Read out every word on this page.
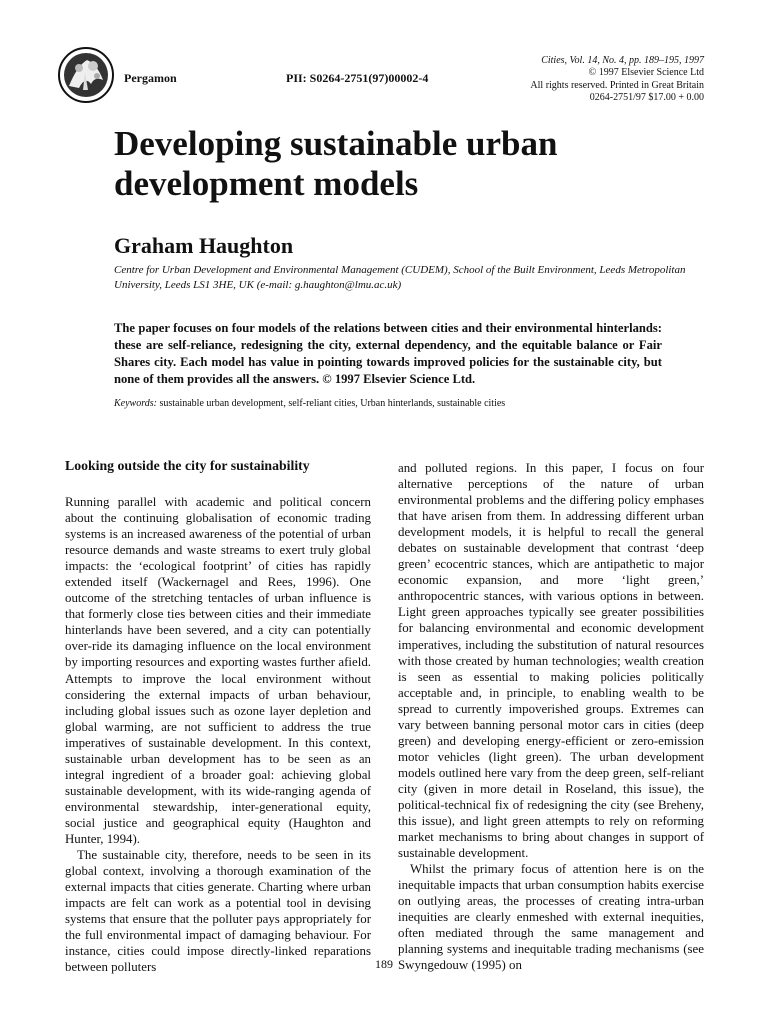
Pergamon	PII: S0264-2751(97)00002-4
Cities, Vol. 14, No. 4, pp. 189–195, 1997
© 1997 Elsevier Science Ltd
All rights reserved. Printed in Great Britain
0264-2751/97 $17.00 + 0.00
Developing sustainable urban development models
Graham Haughton
Centre for Urban Development and Environmental Management (CUDEM), School of the Built Environment, Leeds Metropolitan University, Leeds LS1 3HE, UK (e-mail: g.haughton@lmu.ac.uk)

The paper focuses on four models of the relations between cities and their environmental hinterlands: these are self-reliance, redesigning the city, external dependency, and the equitable balance or Fair Shares city. Each model has value in pointing towards improved policies for the sustainable city, but none of them provides all the answers. © 1997 Elsevier Science Ltd.

Keywords: sustainable urban development, self-reliant cities, Urban hinterlands, sustainable cities
Looking outside the city for sustainability

Running parallel with academic and political concern about the continuing globalisation of economic trading systems is an increased awareness of the potential of urban resource demands and waste streams to exert truly global impacts: the ‘ecological footprint’ of cities has rapidly extended itself (Wackernagel and Rees, 1996). One outcome of the stretching tentacles of urban influence is that formerly close ties between cities and their immediate hinterlands have been severed, and a city can potentially over-ride its damaging influence on the local environment by importing resources and exporting wastes further afield. Attempts to improve the local environment without considering the external impacts of urban behaviour, including global issues such as ozone layer depletion and global warming, are not sufficient to address the true imperatives of sustainable development. In this context, sustainable urban development has to be seen as an integral ingredient of a broader goal: achieving global sustainable development, with its wide-ranging agenda of environmental stewardship, inter-generational equity, social justice and geographical equity (Haughton and Hunter, 1994).

The sustainable city, therefore, needs to be seen in its global context, involving a thorough examination of the external impacts that cities generate. Charting where urban impacts are felt can work as a potential tool in devising systems that ensure that the polluter pays appropriately for the full environmental impact of damaging behaviour. For instance, cities could impose directly-linked reparations between polluters

and polluted regions. In this paper, I focus on four alternative perceptions of the nature of urban environmental problems and the differing policy emphases that have arisen from them. In addressing different urban development models, it is helpful to recall the general debates on sustainable development that contrast ‘deep green’ ecocentric stances, which are antipathetic to major economic expansion, and more ‘light green,’ anthropocentric stances, with various options in between. Light green approaches typically see greater possibilities for balancing environmental and economic development imperatives, including the substitution of natural resources with those created by human technologies; wealth creation is seen as essential to making policies politically acceptable and, in principle, to enabling wealth to be spread to currently impoverished groups. Extremes can vary between banning personal motor cars in cities (deep green) and developing energy-efficient or zero-emission motor vehicles (light green). The urban development models outlined here vary from the deep green, self-reliant city (given in more detail in Roseland, this issue), the political-technical fix of redesigning the city (see Breheny, this issue), and light green attempts to rely on reforming market mechanisms to bring about changes in support of sustainable development.

Whilst the primary focus of attention here is on the inequitable impacts that urban consumption habits exercise on outlying areas, the processes of creating intra-urban inequities are clearly enmeshed with external inequities, often mediated through the same management and planning systems and inequitable trading mechanisms (see Swyngedouw (1995) on

189
